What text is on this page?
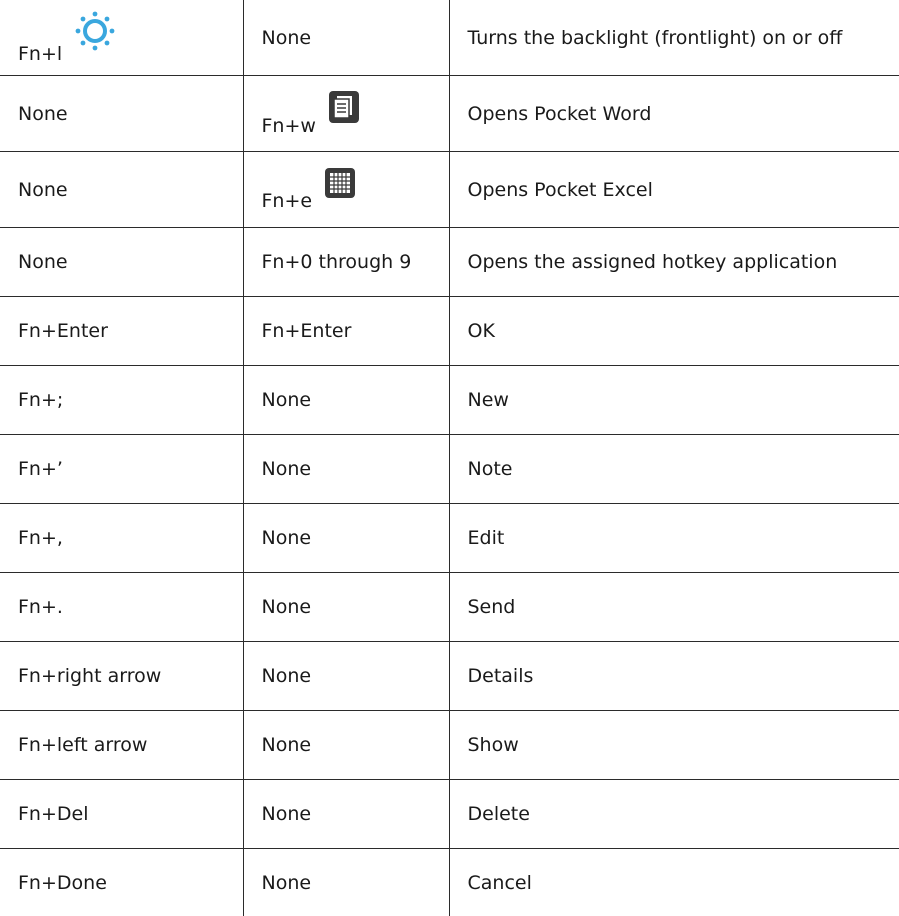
Fn+l	None	Turns the backlight (frontlight) on or off
None	Fn+w	Opens Pocket Word
None	Fn+e	Opens Pocket Excel
None	Fn+0 through 9	Opens the assigned hotkey application
Fn+Enter	Fn+Enter	OK
Fn+;	None	New
Fn+’	None	Note
Fn+,	None	Edit
Fn+.	None	Send
Fn+right arrow	None	Details
Fn+left arrow	None	Show
Fn+Del	None	Delete
Fn+Done	None	Cancel
